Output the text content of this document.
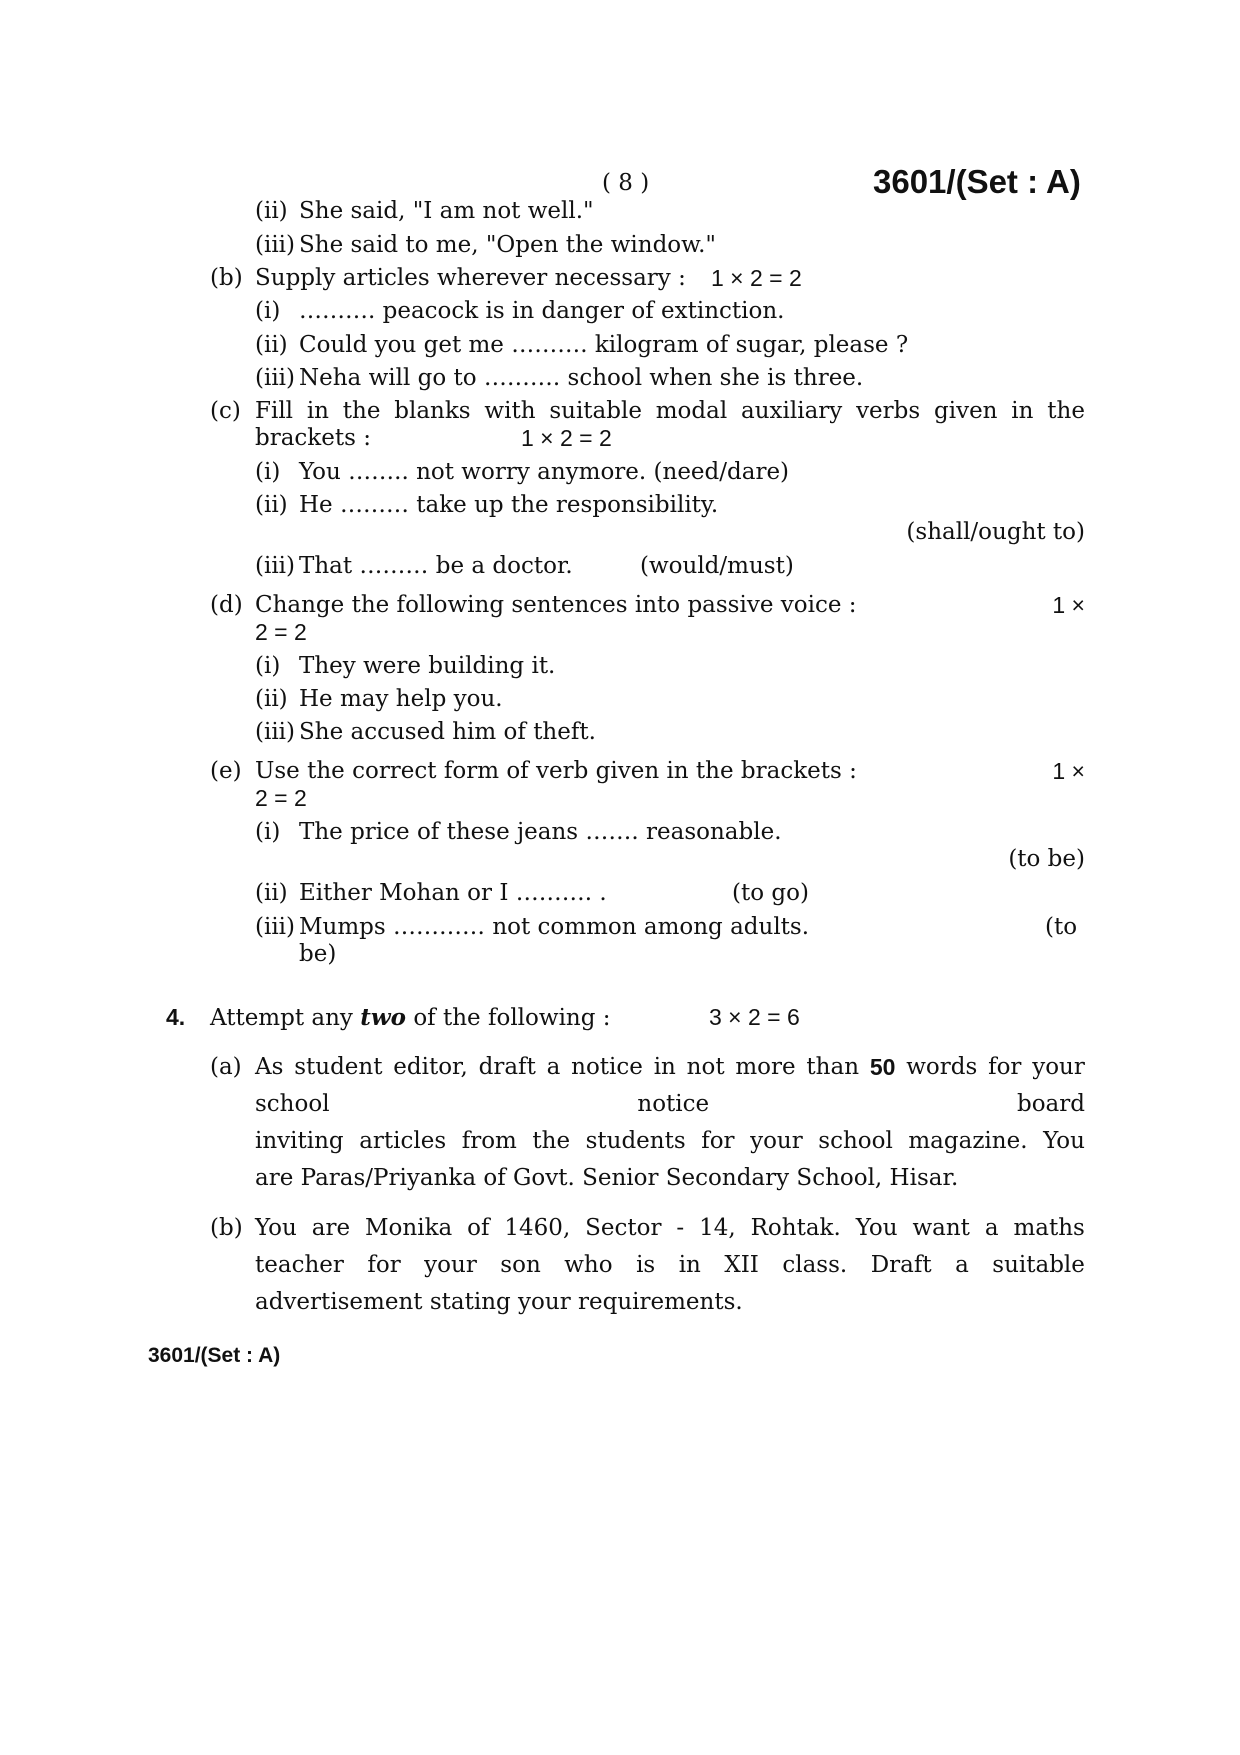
( 8 )	3601/(Set : A)
(ii) She said, "I am not well."
(iii) She said to me, "Open the window."
(b) Supply articles wherever necessary : 1 × 2 = 2
(i) ………. peacock is in danger of extinction.
(ii) Could you get me ………. kilogram of sugar, please ?
(iii) Neha will go to ………. school when she is three.
(c) Fill in the blanks with suitable modal auxiliary verbs given in the
brackets :	1 × 2 = 2
(i) You …….. not worry anymore. (need/dare)
(ii) He ……… take up the responsibility.
(shall/ought to)
(iii) That ……… be a doctor.	(would/must)
(d) Change the following sentences into passive voice :	1 ×
2 = 2
(i) They were building it.
(ii) He may help you.
(iii) She accused him of theft.
(e) Use the correct form of verb given in the brackets :	1 ×
2 = 2
(i) The price of these jeans ……. reasonable.
(to be)
(ii) Either Mohan or I ………. .	(to go)
(iii) Mumps ………… not common among adults.	(to
be)
4. Attempt any two of the following :	3 × 2 = 6
(a) As student editor, draft a notice in not more than 50 words for your
school	notice	board
inviting articles from the students for your school magazine. You
are Paras/Priyanka of Govt. Senior Secondary School, Hisar.
(b) You are Monika of 1460, Sector - 14, Rohtak. You want a maths
teacher for your son who is in XII class. Draft a suitable
advertisement stating your requirements.
3601/(Set : A)
